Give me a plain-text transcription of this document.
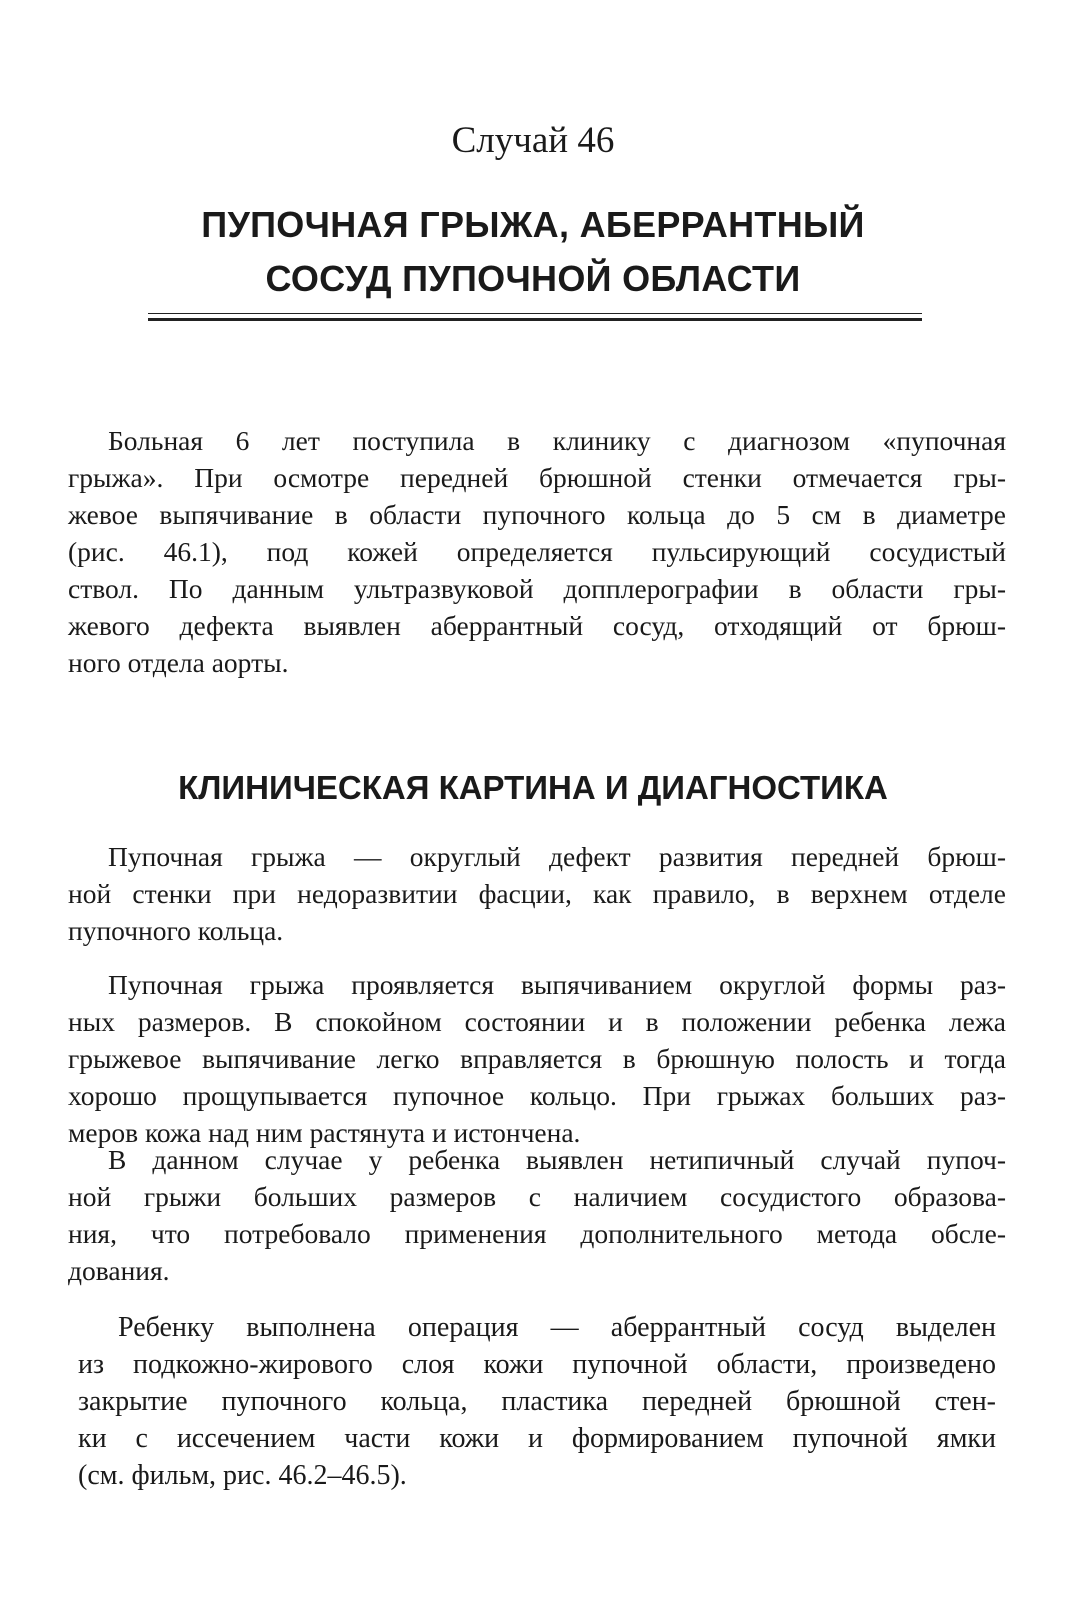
Случай 46
ПУПОЧНАЯ ГРЫЖА, АБЕРРАНТНЫЙ
СОСУД ПУПОЧНОЙ ОБЛАСТИ

Больная 6 лет поступила в клинику с диагнозом «пупочная
грыжа». При осмотре передней брюшной стенки отмечается гры-
жевое выпячивание в области пупочного кольца до 5 см в диаметре
(рис. 46.1), под кожей определяется пульсирующий сосудистый
ствол. По данным ультразвуковой допплерографии в области гры-
жевого дефекта выявлен аберрантный сосуд, отходящий от брюш-
ного отдела аорты.

КЛИНИЧЕСКАЯ КАРТИНА И ДИАГНОСТИКА

Пупочная грыжа — округлый дефект развития передней брюш-
ной стенки при недоразвитии фасции, как правило, в верхнем отделе
пупочного кольца.

Пупочная грыжа проявляется выпячиванием округлой формы раз-
ных размеров. В спокойном состоянии и в положении ребенка лежа
грыжевое выпячивание легко вправляется в брюшную полость и тогда
хорошо прощупывается пупочное кольцо. При грыжах больших раз-
меров кожа над ним растянута и истончена.

В данном случае у ребенка выявлен нетипичный случай пупоч-
ной грыжи больших размеров с наличием сосудистого образова-
ния, что потребовало применения дополнительного метода обсле-
дования.

Ребенку выполнена операция — аберрантный сосуд выделен
из подкожно-жирового слоя кожи пупочной области, произведено
закрытие пупочного кольца, пластика передней брюшной стен-
ки с иссечением части кожи и формированием пупочной ямки
(см. фильм, рис. 46.2–46.5).
